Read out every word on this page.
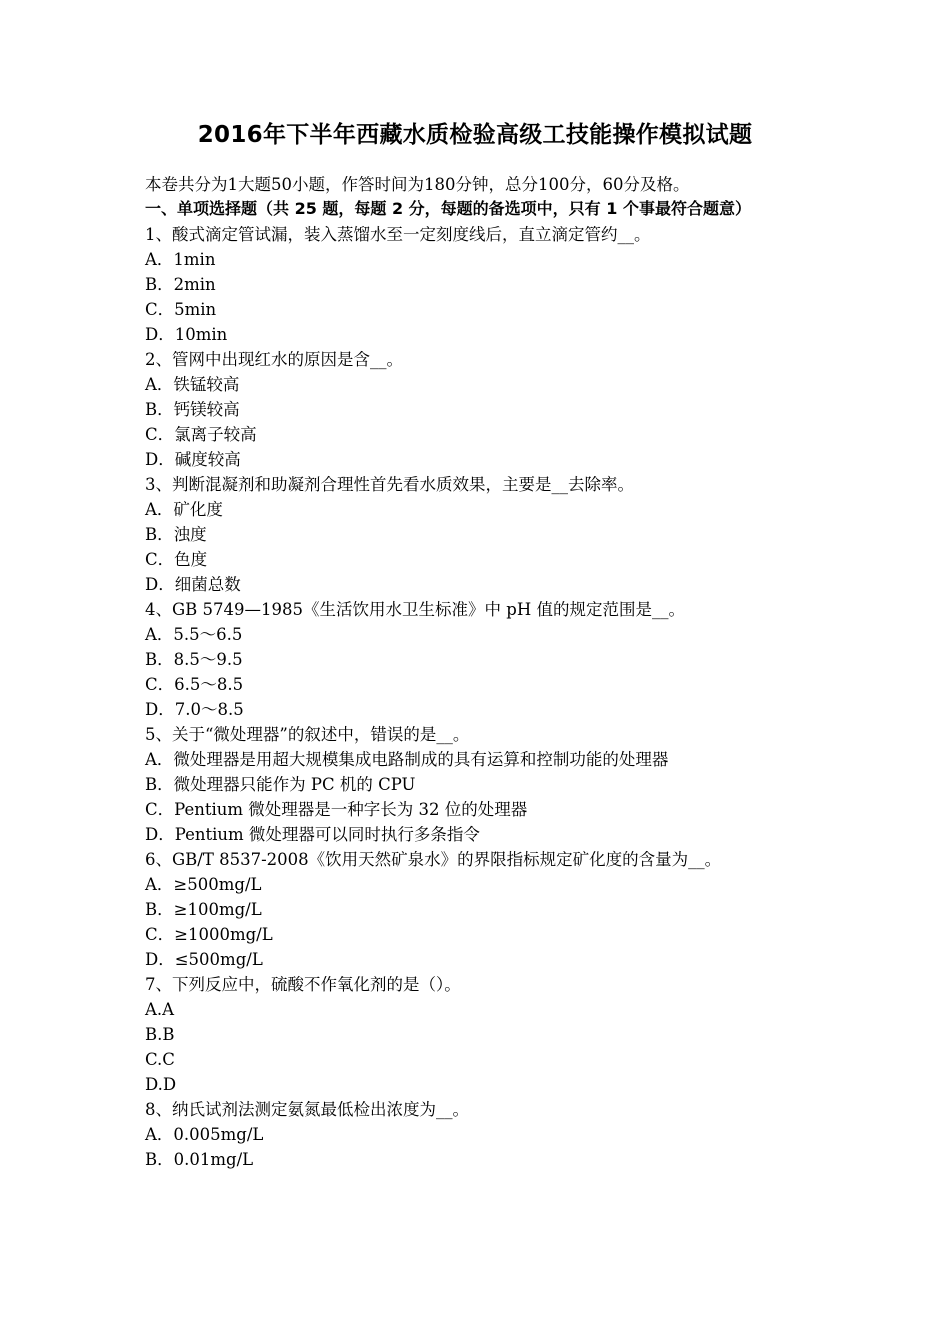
2016年下半年西藏水质检验高级工技能操作模拟试题
本卷共分为1大题50小题，作答时间为180分钟，总分100分，60分及格。
一、单项选择题（共 25 题，每题 2 分，每题的备选项中，只有 1 个事最符合题意）
1、酸式滴定管试漏，装入蒸馏水至一定刻度线后，直立滴定管约__。
A．1min
B．2min
C．5min
D．10min
2、管网中出现红水的原因是含__。
A．铁锰较高
B．钙镁较高
C．氯离子较高
D．碱度较高
3、判断混凝剂和助凝剂合理性首先看水质效果，主要是__去除率。
A．矿化度
B．浊度
C．色度
D．细菌总数
4、GB 5749—1985《生活饮用水卫生标准》中 pH 值的规定范围是__。
A．5.5～6.5
B．8.5～9.5
C．6.5～8.5
D．7.0～8.5
5、关于“微处理器”的叙述中，错误的是__。
A．微处理器是用超大规模集成电路制成的具有运算和控制功能的处理器
B．微处理器只能作为 PC 机的 CPU
C．Pentium 微处理器是一种字长为 32 位的处理器
D．Pentium 微处理器可以同时执行多条指令
6、GB/T 8537-2008《饮用天然矿泉水》的界限指标规定矿化度的含量为__。
A．≥500mg/L
B．≥100mg/L
C．≥1000mg/L
D．≤500mg/L
7、下列反应中，硫酸不作氧化剂的是（）。
A.A
B.B
C.C
D.D
8、纳氏试剂法测定氨氮最低检出浓度为__。
A．0.005mg/L
B．0.01mg/L
